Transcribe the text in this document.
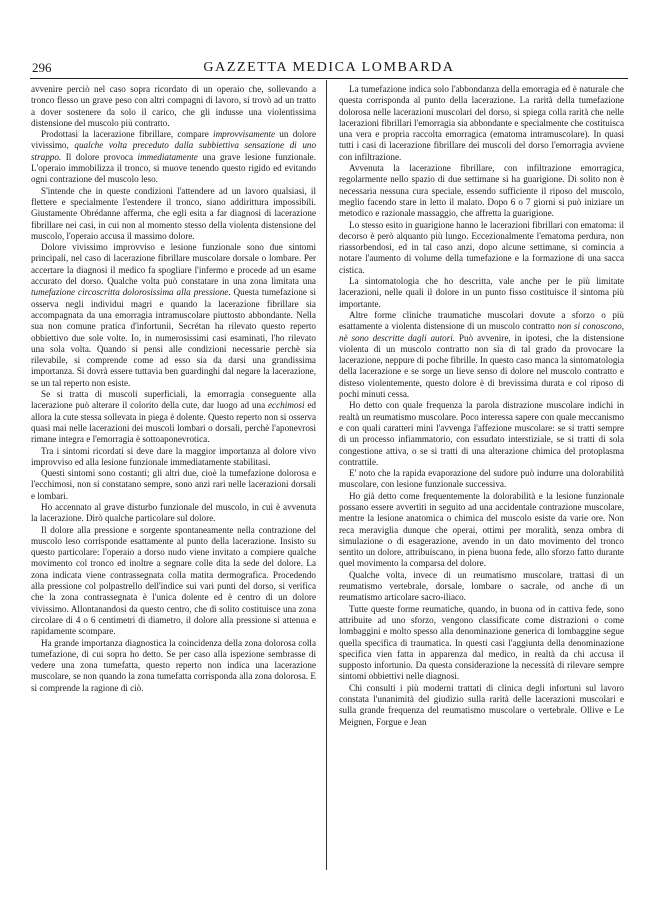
296	GAZZETTA MEDICA LOMBARDA

avvenire perciò nel caso sopra ricordato di un operaio che, sollevando a tronco flesso un grave peso con altri compagni di lavoro, si trovò ad un tratto a dover sostenere da solo il carico, che gli indusse una violentissima distensione del muscolo più contratto.

Prodottasi la lacerazione fibrillare, compare improvvisamente un dolore vivissimo, qualche volta preceduto dalla subbiettiva sensazione di uno strappo. Il dolore provoca immediatamente una grave lesione funzionale. L'operaio immobilizza il tronco, si muove tenendo questo rigido ed evitando ogni contrazione del muscolo leso.

S'intende che in queste condizioni l'attendere ad un lavoro qualsiasi, il flettere e specialmente l'estendere il tronco, siano addirittura impossibili. Giustamente Obrédanne afferma, che egli esita a far diagnosi di lacerazione fibrillare nei casi, in cui non al momento stesso della violenta distensione del muscolo, l'operaio accusa il massimo dolore.

Dolore vivissimo improvviso e lesione funzionale sono due sintomi principali, nel caso di lacerazione fibrillare muscolare dorsale o lombare. Per accertare la diagnosi il medico fa spogliare l'infermo e procede ad un esame accurato del dorso. Qualche volta può constatare in una zona limitata una tumefazione circoscritta dolorosissima alla pressione. Questa tumefazione si osserva negli individui magri e quando la lacerazione fibrillare sia accompagnata da una emorragia intramuscolare piuttosto abbondante. Nella sua non comune pratica d'infortunii, Secrétan ha rilevato questo reperto obbiettivo due sole volte. Io, in numerosissimi casi esaminati, l'ho rilevato una sola volta. Quando si pensi alle condizioni necessarie perchè sia rilevabile, si comprende come ad esso sia da darsi una grandissima importanza. Si dovrà essere tuttavia ben guardinghi dal negare la lacerazione, se un tal reperto non esiste.

Se si tratta di muscoli superficiali, la emorragia conseguente alla lacerazione può alterare il colorito della cute, dar luogo ad una ecchimosi ed allora la cute stessa sollevata in piega è dolente. Questo reperto non si osserva quasi mai nelle lacerazioni dei muscoli lombari o dorsali, perchè l'aponevrosi rimane integra e l'emorragia è sottoaponevrotica.

Tra i sintomi ricordati si deve dare la maggior importanza al dolore vivo improvviso ed alla lesione funzionale immediatamente stabilitasi.

Questi sintomi sono costanti; gli altri due, cioè la tumefazione dolorosa e l'ecchimosi, non si constatano sempre, sono anzi rari nelle lacerazioni dorsali e lombari.

Ho accennato al grave disturbo funzionale del muscolo, in cui è avvenuta la lacerazione. Dirò qualche particolare sul dolore.

Il dolore alla pressione e sorgente spontaneamente nella contrazione del muscolo leso corrisponde esattamente al punto della lacerazione. Insisto su questo particolare: l'operaio a dorso nudo viene invitato a compiere qualche movimento col tronco ed inoltre a segnare colle dita la sede del dolore. La zona indicata viene contrassegnata colla matita dermografica. Procedendo alla pressione col polpastrello dell'indice sui vari punti del dorso, si verifica che la zona contrassegnata è l'unica dolente ed è centro di un dolore vivissimo. Allontanandosi da questo centro, che di solito costituisce una zona circolare di 4 o 6 centimetri di diametro, il dolore alla pressione si attenua e rapidamente scompare.

Ha grande importanza diagnostica la coincidenza della zona dolorosa colla tumefazione, di cui sopra ho detto. Se per caso alla ispezione sembrasse di vedere una zona tumefatta, questo reperto non indica una lacerazione muscolare, se non quando la zona tumefatta corrisponda alla zona dolorosa. E si comprende la ragione di ciò.

La tumefazione indica solo l'abbondanza della emorragia ed è naturale che questa corrisponda al punto della lacerazione. La rarità della tumefazione dolorosa nelle lacerazioni muscolari del dorso, si spiega colla rarità che nelle lacerazioni fibrillari l'emorragia sia abbondante e specialmente che costituisca una vera e propria raccolta emorragica (ematoma intramuscolare). In quasi tutti i casi di lacerazione fibrillare dei muscoli del dorso l'emorragia avviene con infiltrazione.

Avvenuta la lacerazione fibrillare, con infiltrazione emorragica, regolarmente nello spazio di due settimane si ha guarigione. Di solito non è necessaria nessuna cura speciale, essendo sufficiente il riposo del muscolo, meglio facendo stare in letto il malato. Dopo 6 o 7 giorni si può iniziare un metodico e razionale massaggio, che affretta la guarigione.

Lo stesso esito in guarigione hanno le lacerazioni fibrillari con ematoma: il decorso è però alquanto più lungo. Eccezionalmente l'ematoma perdura, non riassorbendosi, ed in tal caso anzi, dopo alcune settimane, si comincia a notare l'aumento di volume della tumefazione e la formazione di una sacca cistica.

La sintomatologia che ho descritta, vale anche per le più limitate lacerazioni, nelle quali il dolore in un punto fisso costituisce il sintoma più importante.

Altre forme cliniche traumatiche muscolari dovute a sforzo o più esattamente a violenta distensione di un muscolo contratto non si conoscono, nè sono descritte dagli autori. Può avvenire, in ipotesi, che la distensione violenta di un muscolo contratto non sia di tal grado da provocare la lacerazione, neppure di poche fibrille. In questo caso manca la sintomatologia della lacerazione e se sorge un lieve senso di dolore nel muscolo contratto e disteso violentemente, questo dolore è di brevissima durata e col riposo di pochi minuti cessa.

Ho detto con quale frequenza la parola distrazione muscolare indichi in realtà un reumatismo muscolare. Poco interessa sapere con quale meccanismo e con quali caratteri mini l'avvenga l'affezione muscolare: se si tratti sempre di un processo infiammatorio, con essudato interstiziale, se si tratti di sola congestione attiva, o se si tratti di una alterazione chimica del protoplasma contrattile.

E' noto che la rapida evaporazione del sudore può indurre una dolorabilità muscolare, con lesione funzionale successiva.

Ho già detto come frequentemente la dolorabilità e la lesione funzionale possano essere avvertiti in seguito ad una accidentale contrazione muscolare, mentre la lesione anatomica o chimica del muscolo esiste da varie ore. Non reca meraviglia dunque che operai, ottimi per moralità, senza ombra di simulazione o di esagerazione, avendo in un dato movimento del tronco sentito un dolore, attribuiscano, in piena buona fede, allo sforzo fatto durante quel movimento la comparsa del dolore.

Qualche volta, invece di un reumatismo muscolare, trattasi di un reumatismo vertebrale, dorsale, lombare o sacrale, od anche di un reumatismo articolare sacro-iliaco.

Tutte queste forme reumatiche, quando, in buona od in cattiva fede, sono attribuite ad uno sforzo, vengono classificate come distrazioni o come lombaggini e molto spesso alla denominazione generica di lombaggine segue quella specifica di traumatica. In questi casi l'aggiunta della denominazione specifica vien fatta in apparenza dal medico, in realtà da chi accusa il supposto infortunio. Da questa considerazione la necessità di rilevare sempre sintomi obbiettivi nelle diagnosi.

Chi consulti i più moderni trattati di clinica degli infortuni sul lavoro constata l'unanimità del giudizio sulla rarità delle lacerazioni muscolari e sulla grande frequenza del reumatismo muscolare o vertebrale. Ollive e Le Meignen, Forgue e Jean
